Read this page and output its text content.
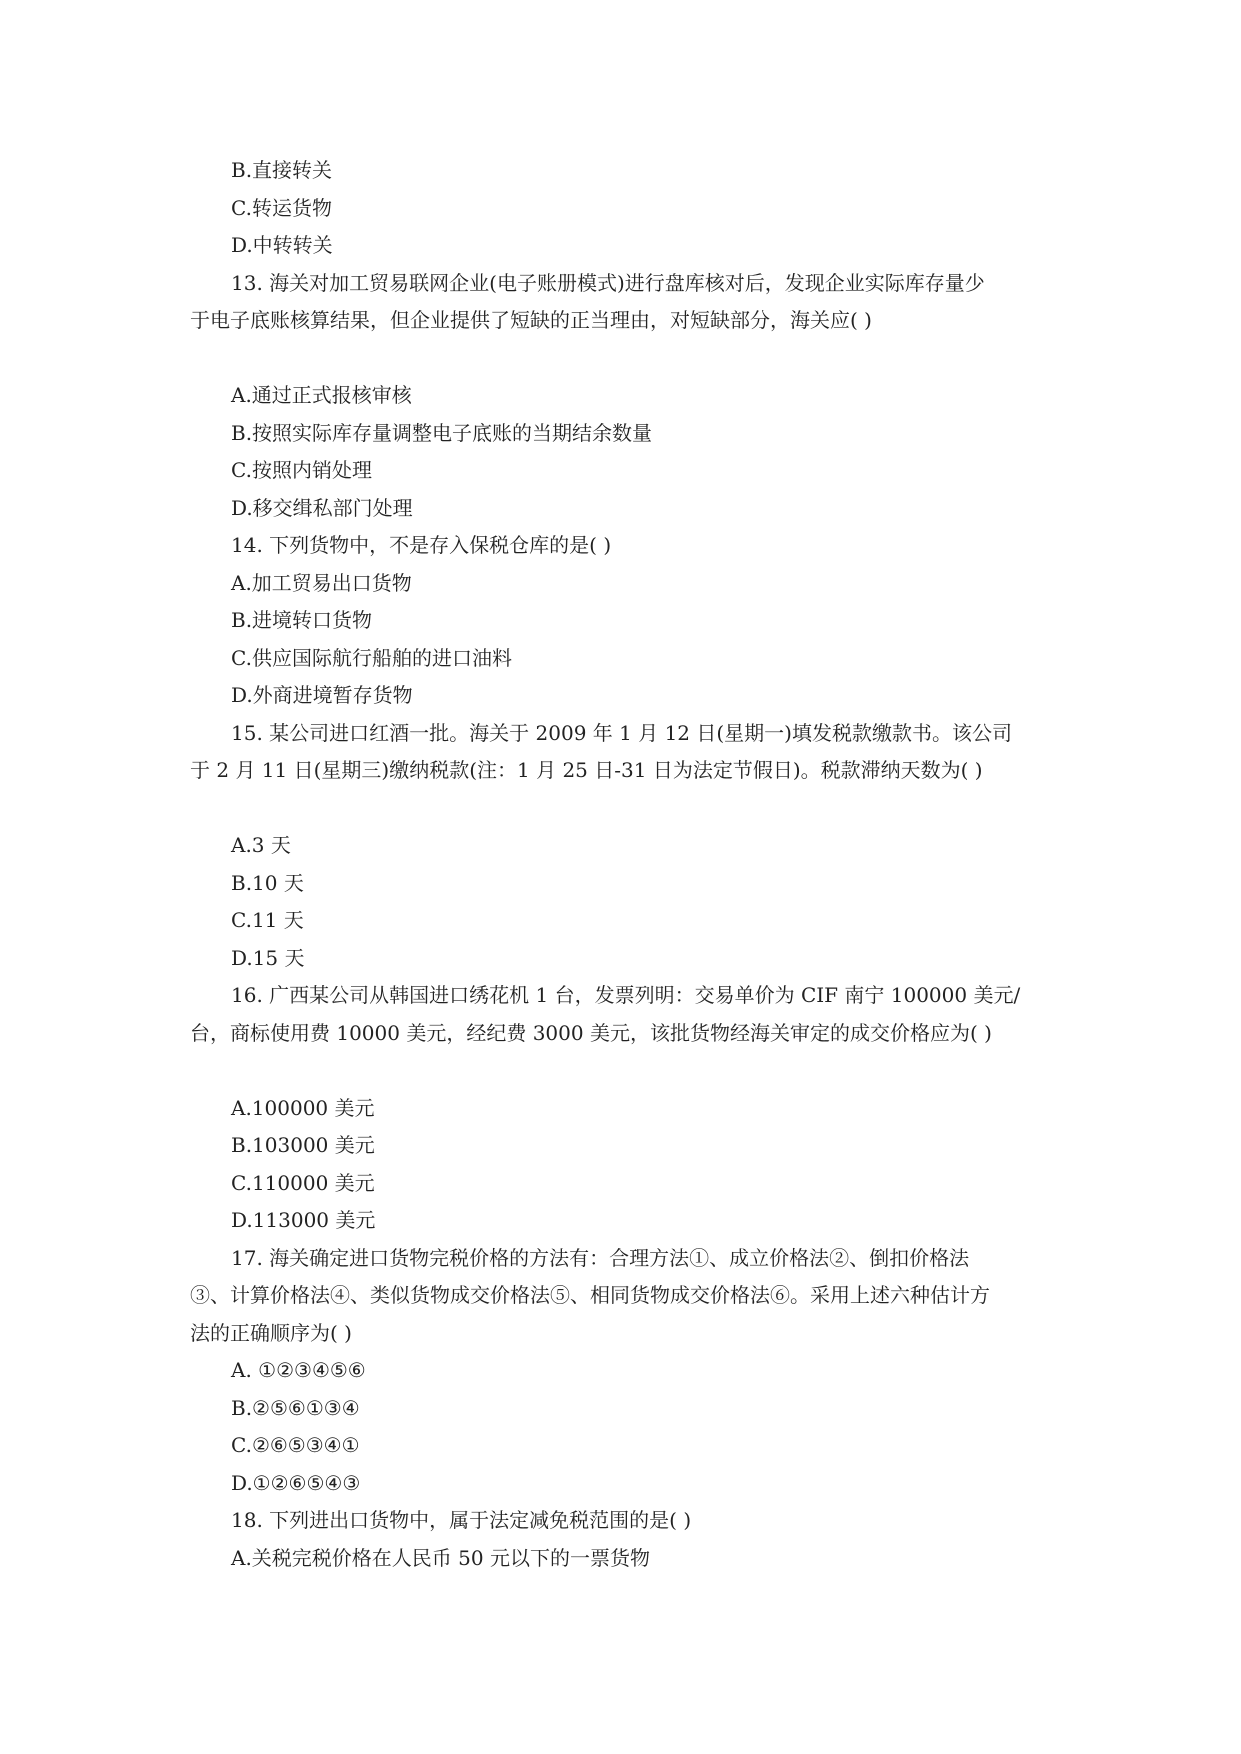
B.直接转关
C.转运货物
D.中转转关
13. 海关对加工贸易联网企业(电子账册模式)进行盘库核对后，发现企业实际库存量少
于电子底账核算结果，但企业提供了短缺的正当理由，对短缺部分，海关应( )
A.通过正式报核审核
B.按照实际库存量调整电子底账的当期结余数量
C.按照内销处理
D.移交缉私部门处理
14. 下列货物中，不是存入保税仓库的是( )
A.加工贸易出口货物
B.进境转口货物
C.供应国际航行船舶的进口油料
D.外商进境暂存货物
15. 某公司进口红酒一批。海关于 2009 年 1 月 12 日(星期一)填发税款缴款书。该公司
于 2 月 11 日(星期三)缴纳税款(注：1 月 25 日-31 日为法定节假日)。税款滞纳天数为( )
A.3 天
B.10 天
C.11 天
D.15 天
16. 广西某公司从韩国进口绣花机 1 台，发票列明：交易单价为 CIF 南宁 100000 美元/
台，商标使用费 10000 美元，经纪费 3000 美元，该批货物经海关审定的成交价格应为( )
A.100000 美元
B.103000 美元
C.110000 美元
D.113000 美元
17. 海关确定进口货物完税价格的方法有：合理方法①、成立价格法②、倒扣价格法
③、计算价格法④、类似货物成交价格法⑤、相同货物成交价格法⑥。采用上述六种估计方
法的正确顺序为( )
A. ①②③④⑤⑥
B.②⑤⑥①③④
C.②⑥⑤③④①
D.①②⑥⑤④③
18. 下列进出口货物中，属于法定减免税范围的是( )
A.关税完税价格在人民币 50 元以下的一票货物
